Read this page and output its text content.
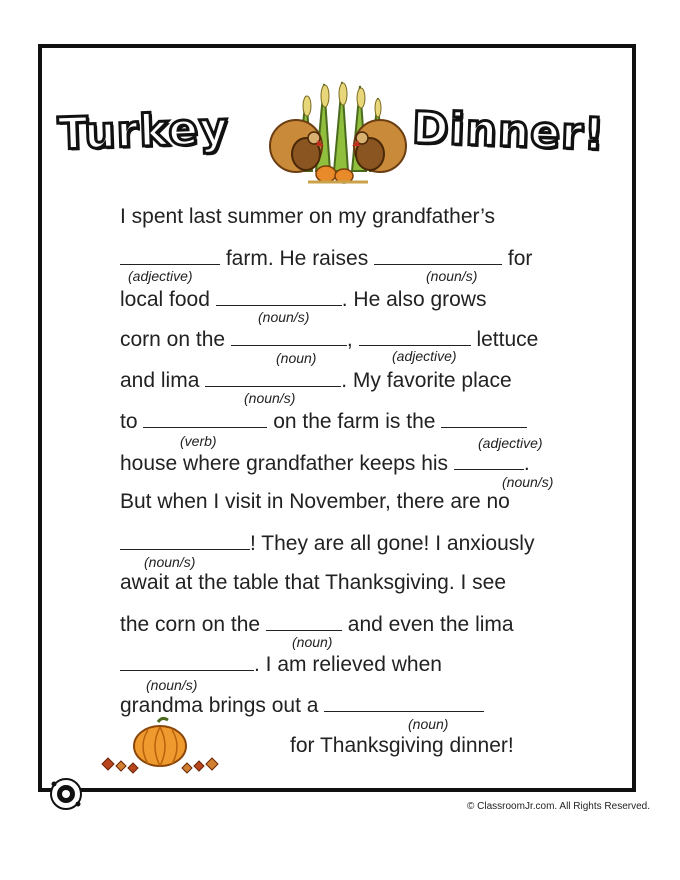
Turkey	Dinner!
I spent last summer on my grandfather’s
farm. He raises	for
(adjective)	(noun/s)
local food	. He also grows
(noun/s)
corn on the	,	lettuce
(noun)	(adjective)
and lima	. My favorite place
(noun/s)
to	on the farm is the
(verb)	(adjective)
house where grandfather keeps his	.
(noun/s)
But when I visit in November, there are no
! They are all gone! I anxiously
(noun/s)
await at the table that Thanksgiving. I see
the corn on the	and even the lima
(noun)
. I am relieved when
(noun/s)
grandma brings out a
(noun)
for Thanksgiving dinner!
© ClassroomJr.com. All Rights Reserved.
